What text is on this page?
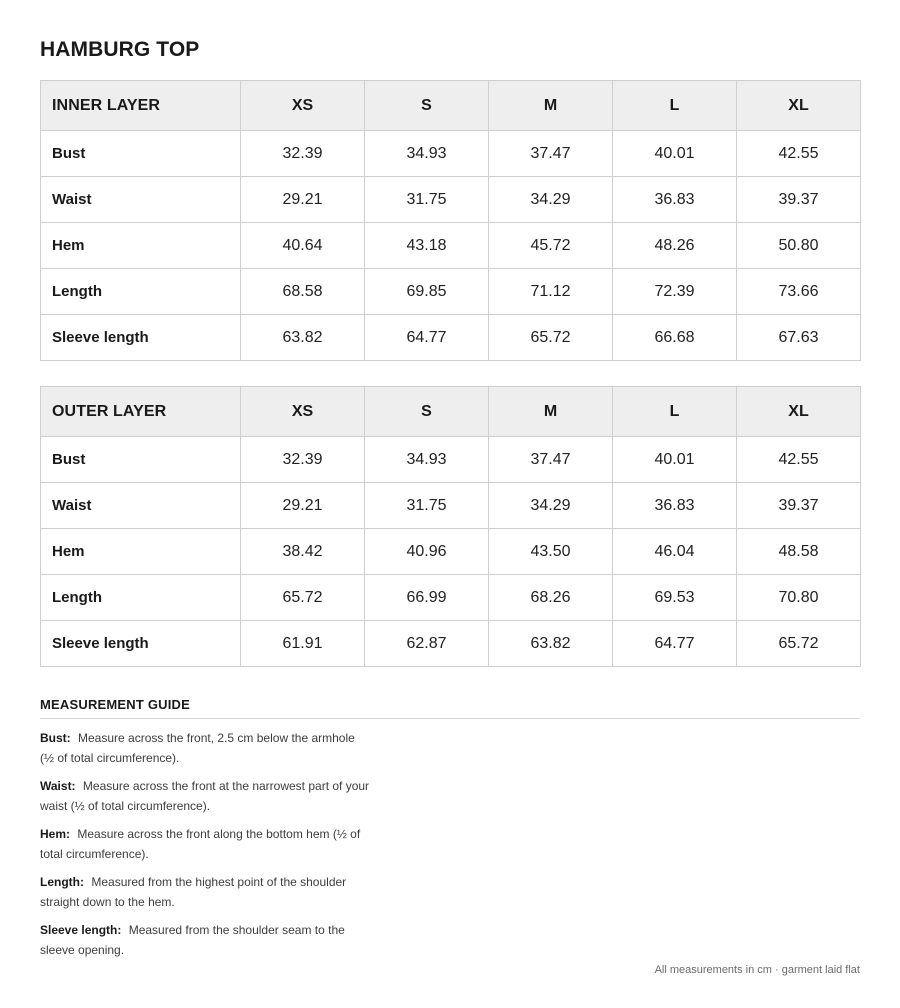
HAMBURG TOP
INNER LAYER	XS	S	M	L	XL
Bust	32.39	34.93	37.47	40.01	42.55
Waist	29.21	31.75	34.29	36.83	39.37
Hem	40.64	43.18	45.72	48.26	50.80
Length	68.58	69.85	71.12	72.39	73.66
Sleeve length	63.82	64.77	65.72	66.68	67.63
OUTER LAYER	XS	S	M	L	XL
Bust	32.39	34.93	37.47	40.01	42.55
Waist	29.21	31.75	34.29	36.83	39.37
Hem	38.42	40.96	43.50	46.04	48.58
Length	65.72	66.99	68.26	69.53	70.80
Sleeve length	61.91	62.87	63.82	64.77	65.72
MEASUREMENT GUIDE
Bust: Measure across the front, 2.5 cm below the armhole (½ of total circumference).
Waist: Measure across the front at the narrowest part of your waist (½ of total circumference).
Hem: Measure across the front along the bottom hem (½ of total circumference).
Length: Measured from the highest point of the shoulder straight down to the hem.
Sleeve length: Measured from the shoulder seam to the sleeve opening.
All measurements in cm · garment laid flat
